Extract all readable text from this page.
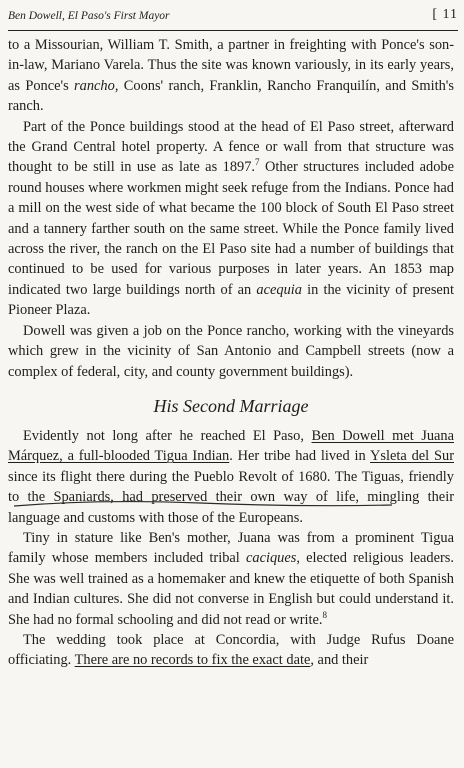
Ben Dowell, El Paso's First Mayor	[ 11

to a Missourian, William T. Smith, a partner in freighting with Ponce's son-in-law, Mariano Varela. Thus the site was known variously, in its early years, as Ponce's rancho, Coons' ranch, Franklin, Rancho Franquilín, and Smith's ranch.

Part of the Ponce buildings stood at the head of El Paso street, afterward the Grand Central hotel property. A fence or wall from that structure was thought to be still in use as late as 1897.$^7$ Other structures included adobe round houses where workmen might seek refuge from the Indians. Ponce had a mill on the west side of what became the 100 block of South El Paso street and a tannery farther south on the same street. While the Ponce family lived across the river, the ranch on the El Paso site had a number of buildings that continued to be used for various purposes in later years. An 1853 map indicated two large buildings north of an acequia in the vicinity of present Pioneer Plaza.

Dowell was given a job on the Ponce rancho, working with the vineyards which grew in the vicinity of San Antonio and Campbell streets (now a complex of federal, city, and county government buildings).

His Second Marriage

Evidently not long after he reached El Paso, Ben Dowell met Juana Márquez, a full-blooded Tigua Indian. Her tribe had lived in Ysleta del Sur since its flight there during the Pueblo Revolt of 1680. The Tiguas, friendly to the Spaniards, had preserved their own way of life, mingling their language and customs with those of the Europeans.

Tiny in stature like Ben's mother, Juana was from a prominent Tigua family whose members included tribal caciques, elected religious leaders. She was well trained as a homemaker and knew the etiquette of both Spanish and Indian cultures. She did not converse in English but could understand it. She had no formal schooling and did not read or write.$^8$

The wedding took place at Concordia, with Judge Rufus Doane officiating. There are no records to fix the exact date, and their
